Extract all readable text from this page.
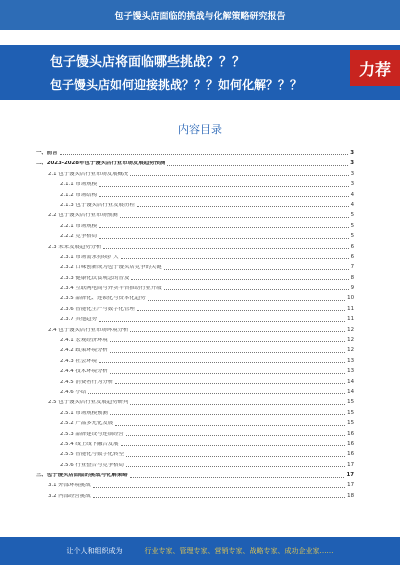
包子馒头店面临的挑战与化解策略研究报告
包子馒头店将面临哪些挑战？？？
包子馒头店如何迎接挑战？？？如何化解？？？
力荐
内容目录
一、前言	3
二、2023-2028年包子馒头店行业市场发展趋势预测	3
2.1 包子馒头店行业市场发展概况	3
2.1.1 市场规模	3
2.1.2 市场结构	4
2.1.3 包子馒头店行业发展历程	4
2.2 包子馒头店行业市场预测	5
2.2.1 市场规模	5
2.2.2 竞争格局	5
2.3 未来发展趋势分析	6
2.3.1 市场需求持续扩大	6
2.3.2 口味创新成为包子馒头店竞争的关键	7
2.3.3 健康化饮食观念的普及	8
2.3.4 互联网电商与外卖平台推动行业升级	9
2.3.5 品牌化、连锁化与资本化趋势	10
2.3.6 智能化生产与数字化管理	11
2.3.7 其他趋势	11
2.4 包子馒头店行业市场环境分析	12
2.4.1 宏观经济环境	12
2.4.2 政策环境分析	12
2.4.3 社会环境	13
2.4.4 技术环境分析	13
2.4.5 消费者行为分析	14
2.4.6 小结	14
2.5 包子馒头店行业发展趋势研判	15
2.5.1 市场规模预测	15
2.5.2 产品多元化发展	15
2.5.3 品牌建设与连锁经营	16
2.5.4 线上线下融合发展	16
2.5.5 智能化与数字化转型	16
2.5.6 行业整合与竞争格局	17
三、包子馒头店面临的挑战与化解策略	17
3.1 外部环境挑战	17
3.2 内部经营挑战	18
让个人和组织成为	行业专家、管理专家、营销专家、战略专家、成功企业家……
